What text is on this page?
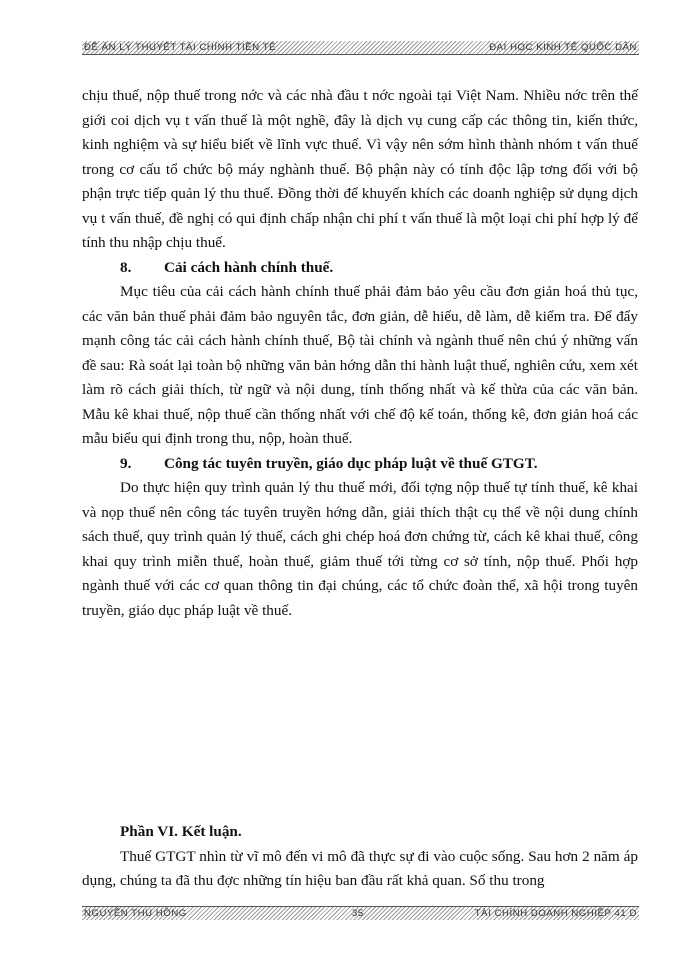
ĐỀ ÁN LÝ THUYẾT TÀI CHÍNH TIỀN TỆ	ĐẠI HỌC KINH TẾ QUỐC DÂN

chịu thuế, nộp thuế trong nớc và các nhà đầu t nớc ngoài tại Việt Nam. Nhiều nớc trên thế giới coi dịch vụ t vấn thuế là một nghề, đây là dịch vụ cung cấp các thông tin, kiến thức, kinh nghiệm và sự hiểu biết về lĩnh vực thuế. Vì vậy nên sớm hình thành nhóm t vấn thuế trong cơ cấu tổ chức bộ máy nghành thuế. Bộ phận này có tính độc lập tơng đối với bộ phận trực tiếp quản lý thu thuế. Đồng thời để khuyến khích các doanh nghiệp sử dụng dịch vụ t vấn thuế, đề nghị có qui định chấp nhận chi phí t vấn thuế là một loại chi phí hợp lý để tính thu nhập chịu thuế.

8. Cải cách hành chính thuế.

Mục tiêu của cải cách hành chính thuế phải đảm bảo yêu cầu đơn giản hoá thủ tục, các văn bản thuế phải đảm bảo nguyên tắc, đơn giản, dễ hiểu, dễ làm, dễ kiểm tra. Để đẩy mạnh công tác cải cách hành chính thuế, Bộ tài chính và ngành thuế nên chú ý những vấn đề sau: Rà soát lại toàn bộ những văn bản hớng dẫn thi hành luật thuế, nghiên cứu, xem xét làm rõ cách giải thích, từ ngữ và nội dung, tính thống nhất và kế thừa của các văn bản. Mẫu kê khai thuế, nộp thuế cần thống nhất với chế độ kế toán, thống kê, đơn giản hoá các mẫu biểu qui định trong thu, nộp, hoàn thuế.

9. Công tác tuyên truyền, giáo dục pháp luật về thuế GTGT.

Do thực hiện quy trình quản lý thu thuế mới, đối tợng nộp thuế tự tính thuế, kê khai và nọp thuế nên công tác tuyên truyền hớng dẫn, giải thích thật cụ thể về nội dung chính sách thuế, quy trình quản lý thuế, cách ghi chép hoá đơn chứng từ, cách kê khai thuế, công khai quy trình miễn thuế, hoàn thuế, giảm thuế tới từng cơ sở tính, nộp thuế. Phối hợp ngành thuế với các cơ quan thông tin đại chúng, các tổ chức đoàn thể, xã hội trong tuyên truyền, giáo dục pháp luật về thuế.

Phần VI. Kết luận.

Thuế GTGT nhìn từ vĩ mô đến vi mô đã thực sự đi vào cuộc sống. Sau hơn 2 năm áp dụng, chúng ta đã thu đợc những tín hiệu ban đầu rất khả quan. Số thu trong

NGUYỄN THU HỒNG	35	TÀI CHÍNH DOANH NGHIỆP 41 D
